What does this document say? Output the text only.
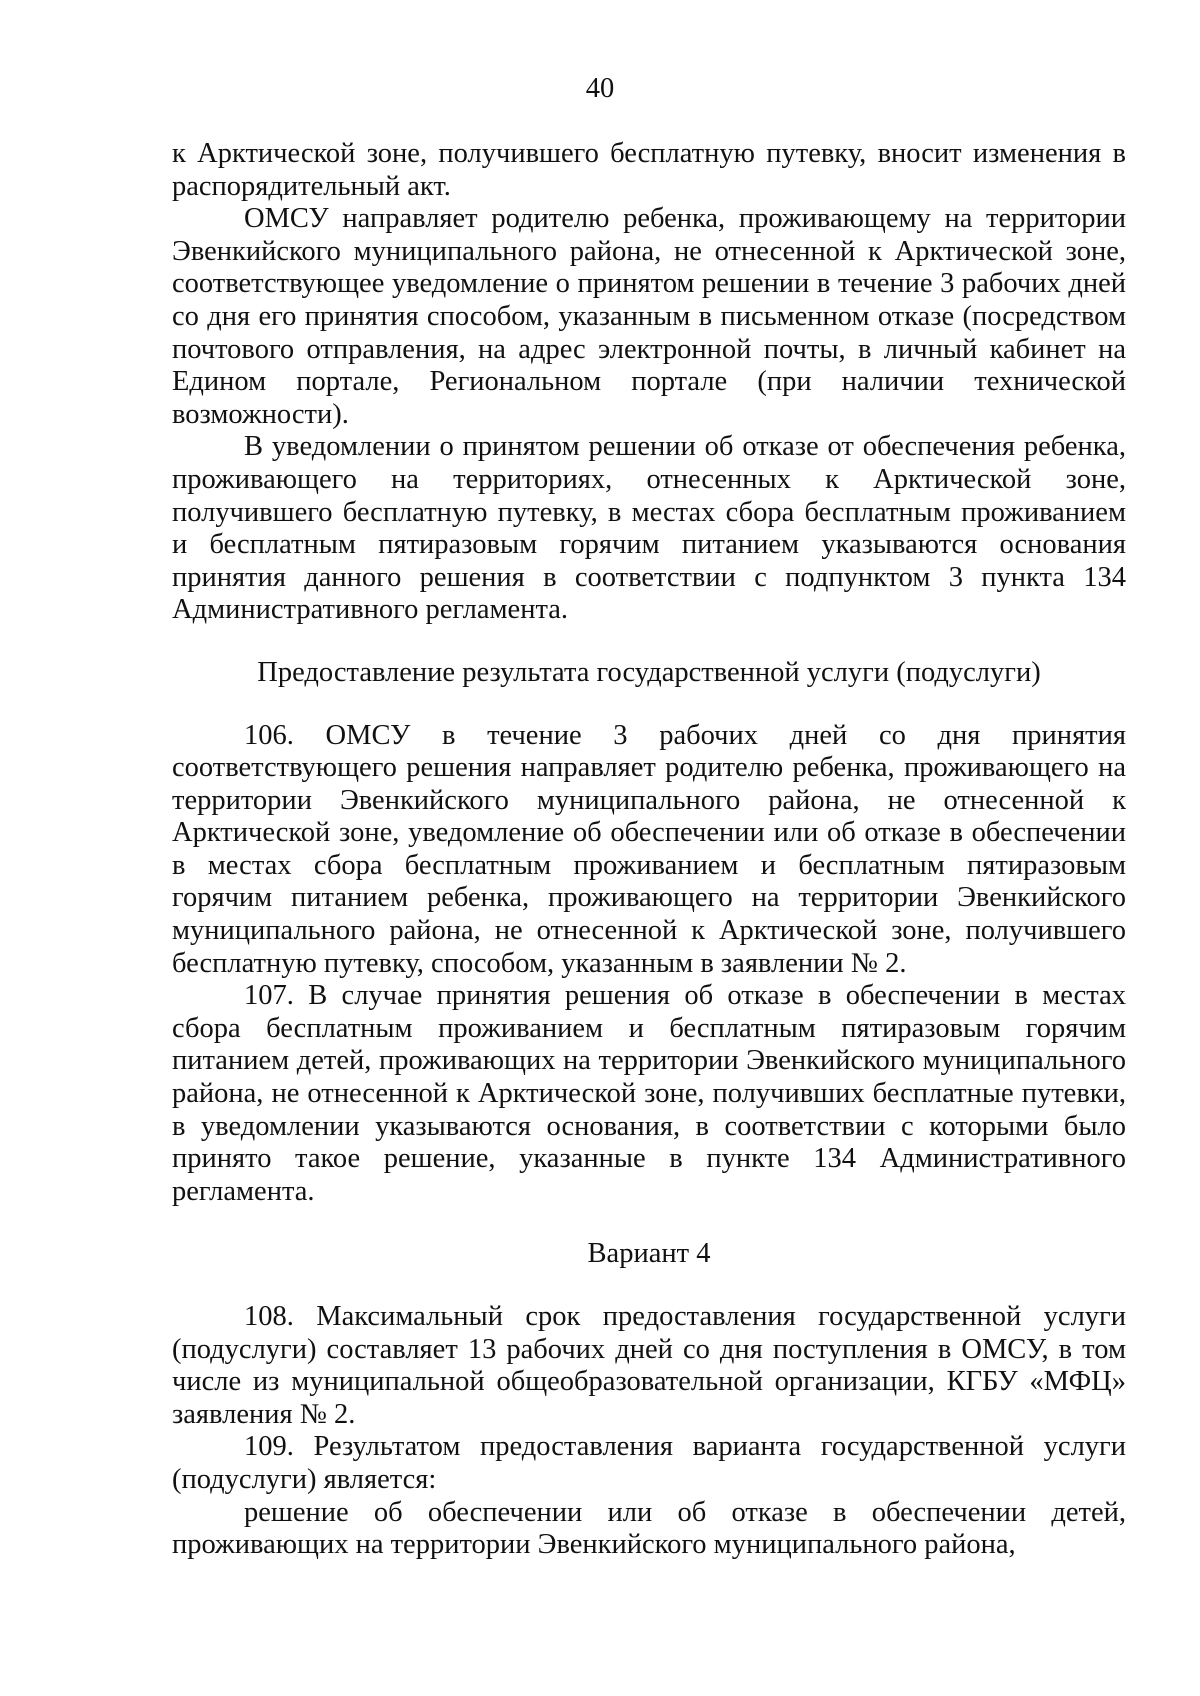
40

к Арктической зоне, получившего бесплатную путевку, вносит изменения в распорядительный акт.

ОМСУ направляет родителю ребенка, проживающему на территории Эвенкийского муниципального района, не отнесенной к Арктической зоне, соответствующее уведомление о принятом решении в течение 3 рабочих дней со дня его принятия способом, указанным в письменном отказе (посредством почтового отправления, на адрес электронной почты, в личный кабинет на Едином портале, Региональном портале (при наличии технической возможности).

В уведомлении о принятом решении об отказе от обеспечения ребенка, проживающего на территориях, отнесенных к Арктической зоне, получившего бесплатную путевку, в местах сбора бесплатным проживанием и бесплатным пятиразовым горячим питанием указываются основания принятия данного решения в соответствии с подпунктом 3 пункта 134 Административного регламента.

Предоставление результата государственной услуги (подуслуги)

106. ОМСУ в течение 3 рабочих дней со дня принятия соответствующего решения направляет родителю ребенка, проживающего на территории Эвенкийского муниципального района, не отнесенной к Арктической зоне, уведомление об обеспечении или об отказе в обеспечении в местах сбора бесплатным проживанием и бесплатным пятиразовым горячим питанием ребенка, проживающего на территории Эвенкийского муниципального района, не отнесенной к Арктической зоне, получившего бесплатную путевку, способом, указанным в заявлении № 2.

107. В случае принятия решения об отказе в обеспечении в местах сбора бесплатным проживанием и бесплатным пятиразовым горячим питанием детей, проживающих на территории Эвенкийского муниципального района, не отнесенной к Арктической зоне, получивших бесплатные путевки, в уведомлении указываются основания, в соответствии с которыми было принято такое решение, указанные в пункте 134 Административного регламента.

Вариант 4

108. Максимальный срок предоставления государственной услуги (подуслуги) составляет 13 рабочих дней со дня поступления в ОМСУ, в том числе из муниципальной общеобразовательной организации, КГБУ «МФЦ» заявления № 2.

109. Результатом предоставления варианта государственной услуги (подуслуги) является:

решение об обеспечении или об отказе в обеспечении детей, проживающих на территории Эвенкийского муниципального района,
